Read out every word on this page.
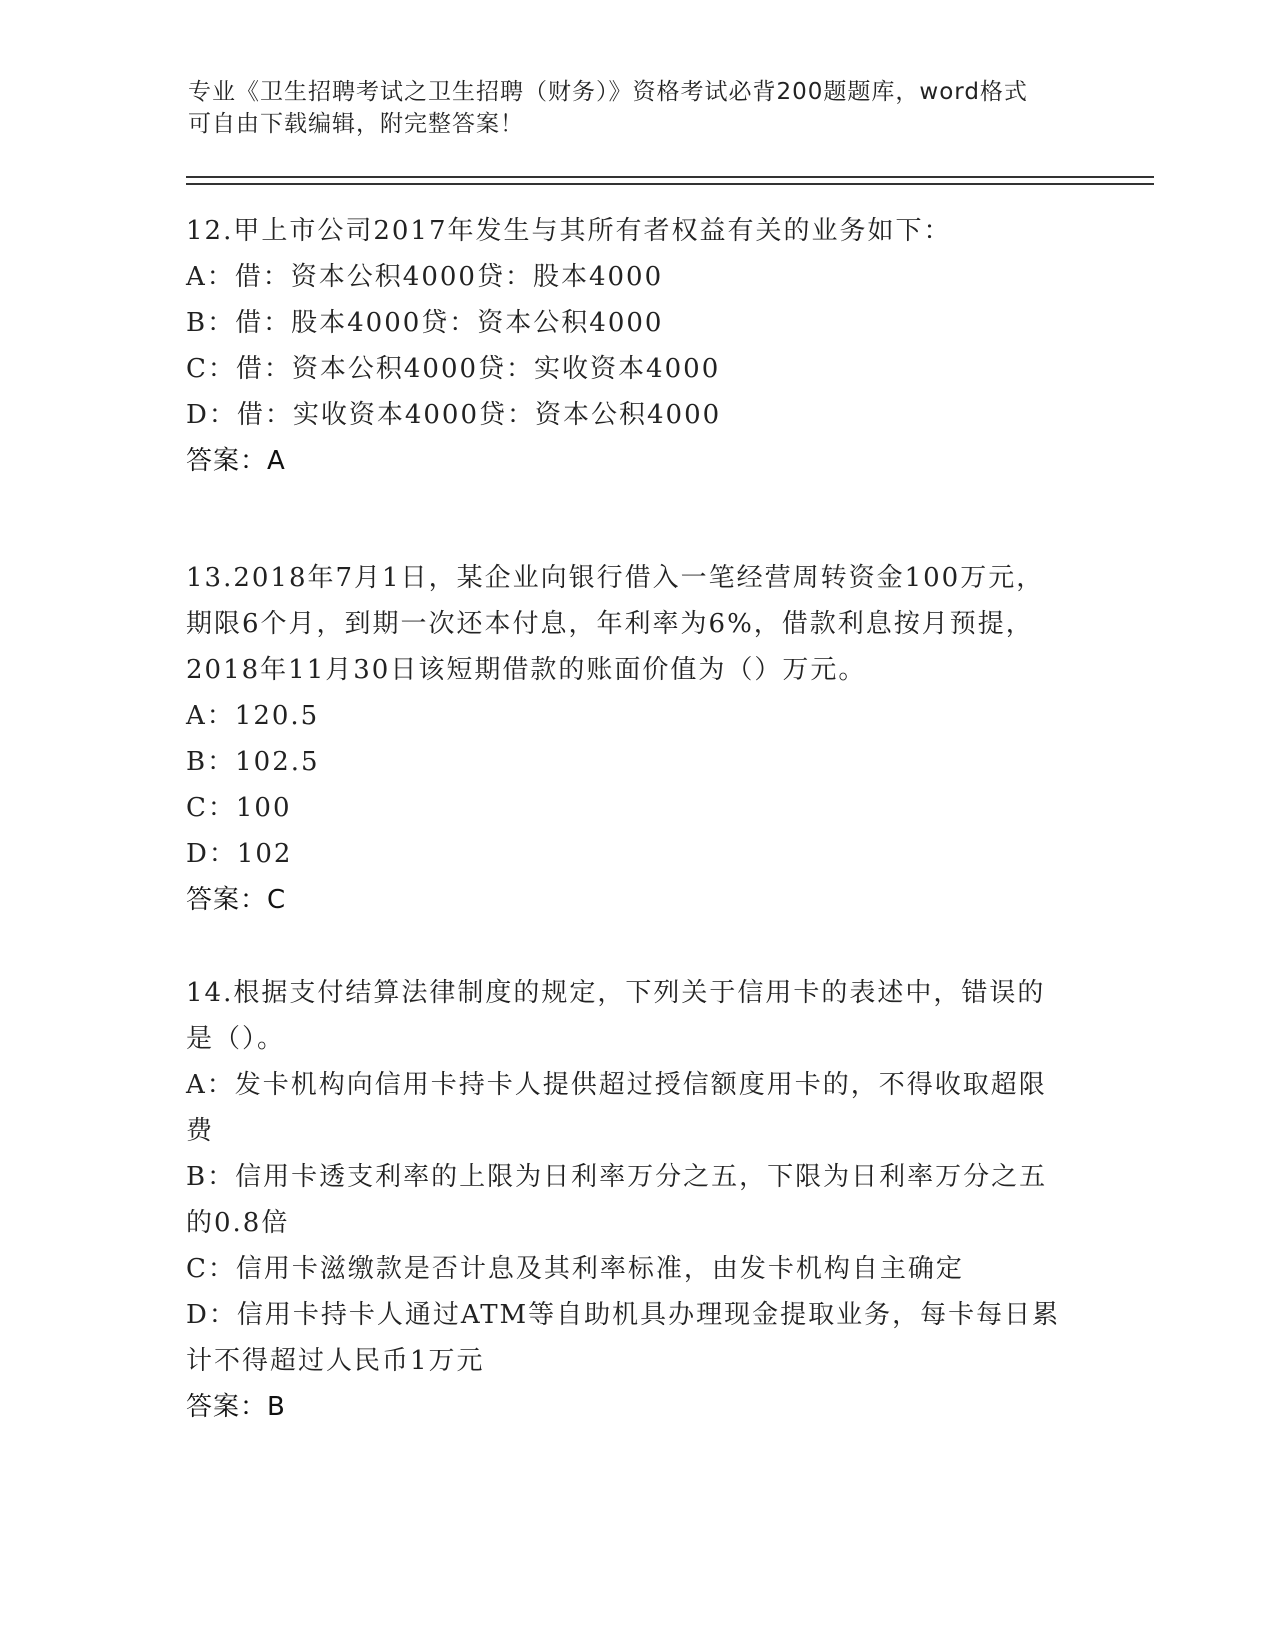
专业《卫生招聘考试之卫生招聘（财务）》资格考试必背200题题库，word格式
可自由下载编辑，附完整答案！
12.甲上市公司2017年发生与其所有者权益有关的业务如下：
A：借：资本公积4000贷：股本4000
B：借：股本4000贷：资本公积4000
C：借：资本公积4000贷：实收资本4000
D：借：实收资本4000贷：资本公积4000
答案：A
13.2018年7月1日，某企业向银行借入一笔经营周转资金100万元，
期限6个月，到期一次还本付息，年利率为6%，借款利息按月预提，
2018年11月30日该短期借款的账面价值为（）万元。
A：120.5
B：102.5
C：100
D：102
答案：C
14.根据支付结算法律制度的规定，下列关于信用卡的表述中，错误的
是（）。
A：发卡机构向信用卡持卡人提供超过授信额度用卡的，不得收取超限
费
B：信用卡透支利率的上限为日利率万分之五，下限为日利率万分之五
的0.8倍
C：信用卡滋缴款是否计息及其利率标准，由发卡机构自主确定
D：信用卡持卡人通过ATM等自助机具办理现金提取业务，每卡每日累
计不得超过人民币1万元
答案：B
